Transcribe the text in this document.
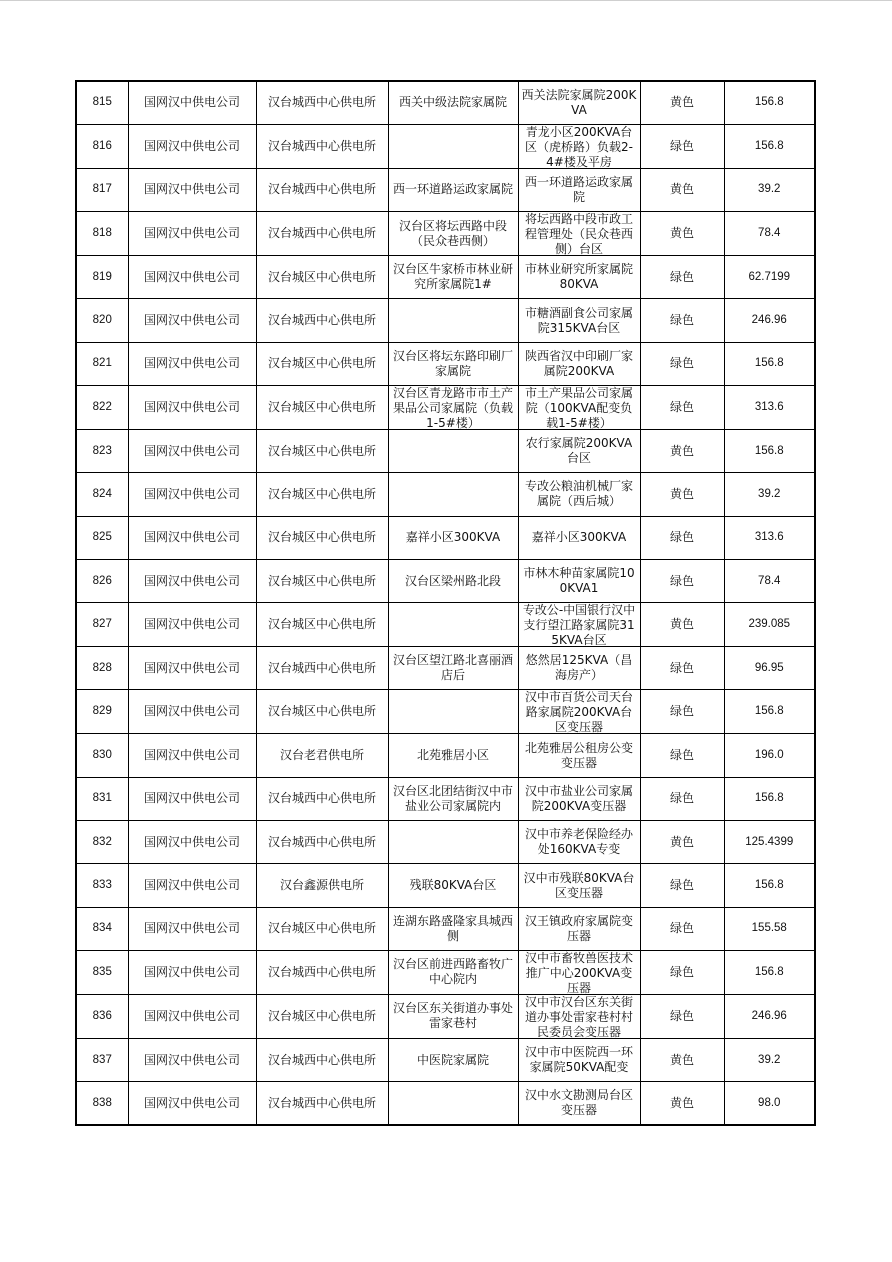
815	国网汉中供电公司	汉台城西中心供电所	西关中级法院家属院	西关法院家属院200KVA	黄色	156.8

816	国网汉中供电公司	汉台城西中心供电所		青龙小区200KVA台区（虎桥路）负载2-4#楼及平房	绿色	156.8

817	国网汉中供电公司	汉台城西中心供电所	西一环道路运政家属院	西一环道路运政家属院	黄色	39.2

818	国网汉中供电公司	汉台城西中心供电所	汉台区将坛西路中段（民众巷西侧）	将坛西路中段市政工程管理处（民众巷西侧）台区	黄色	78.4

819	国网汉中供电公司	汉台城区中心供电所	汉台区牛家桥市林业研究所家属院1#	市林业研究所家属院80KVA	绿色	62.7199

820	国网汉中供电公司	汉台城西中心供电所		市糖酒副食公司家属院315KVA台区	绿色	246.96

821	国网汉中供电公司	汉台城区中心供电所	汉台区将坛东路印刷厂家属院	陕西省汉中印刷厂家属院200KVA	绿色	156.8

822	国网汉中供电公司	汉台城区中心供电所	汉台区青龙路市市土产果品公司家属院（负载1-5#楼）	市土产果品公司家属院（100KVA配变负载1-5#楼）	绿色	313.6

823	国网汉中供电公司	汉台城区中心供电所		农行家属院200KVA台区	黄色	156.8

824	国网汉中供电公司	汉台城区中心供电所		专改公粮油机械厂家属院（西后城）	黄色	39.2

825	国网汉中供电公司	汉台城区中心供电所	嘉祥小区300KVA	嘉祥小区300KVA	绿色	313.6

826	国网汉中供电公司	汉台城区中心供电所	汉台区梁州路北段	市林木种苗家属院100KVA1	绿色	78.4

827	国网汉中供电公司	汉台城区中心供电所		专改公-中国银行汉中支行望江路家属院315KVA台区	黄色	239.085

828	国网汉中供电公司	汉台城西中心供电所	汉台区望江路北喜丽酒店后	悠然居125KVA（昌海房产）	绿色	96.95

829	国网汉中供电公司	汉台城区中心供电所		汉中市百货公司天台路家属院200KVA台区变压器	绿色	156.8

830	国网汉中供电公司	汉台老君供电所	北苑雅居小区	北苑雅居公租房公变变压器	绿色	196.0

831	国网汉中供电公司	汉台城西中心供电所	汉台区北团结街汉中市盐业公司家属院内	汉中市盐业公司家属院200KVA变压器	绿色	156.8

832	国网汉中供电公司	汉台城西中心供电所		汉中市养老保险经办处160KVA专变	黄色	125.4399

833	国网汉中供电公司	汉台鑫源供电所	残联80KVA台区	汉中市残联80KVA台区变压器	绿色	156.8

834	国网汉中供电公司	汉台城区中心供电所	连湖东路盛隆家具城西侧	汉王镇政府家属院变压器	绿色	155.58

835	国网汉中供电公司	汉台城西中心供电所	汉台区前进西路畜牧广中心院内	汉中市畜牧兽医技术推广中心200KVA变压器	绿色	156.8

836	国网汉中供电公司	汉台城区中心供电所	汉台区东关街道办事处雷家巷村	汉中市汉台区东关街道办事处雷家巷村村民委员会变压器	绿色	246.96

837	国网汉中供电公司	汉台城西中心供电所	中医院家属院	汉中市中医院西一环家属院50KVA配变	黄色	39.2

838	国网汉中供电公司	汉台城西中心供电所		汉中水文勘测局台区变压器	黄色	98.0
